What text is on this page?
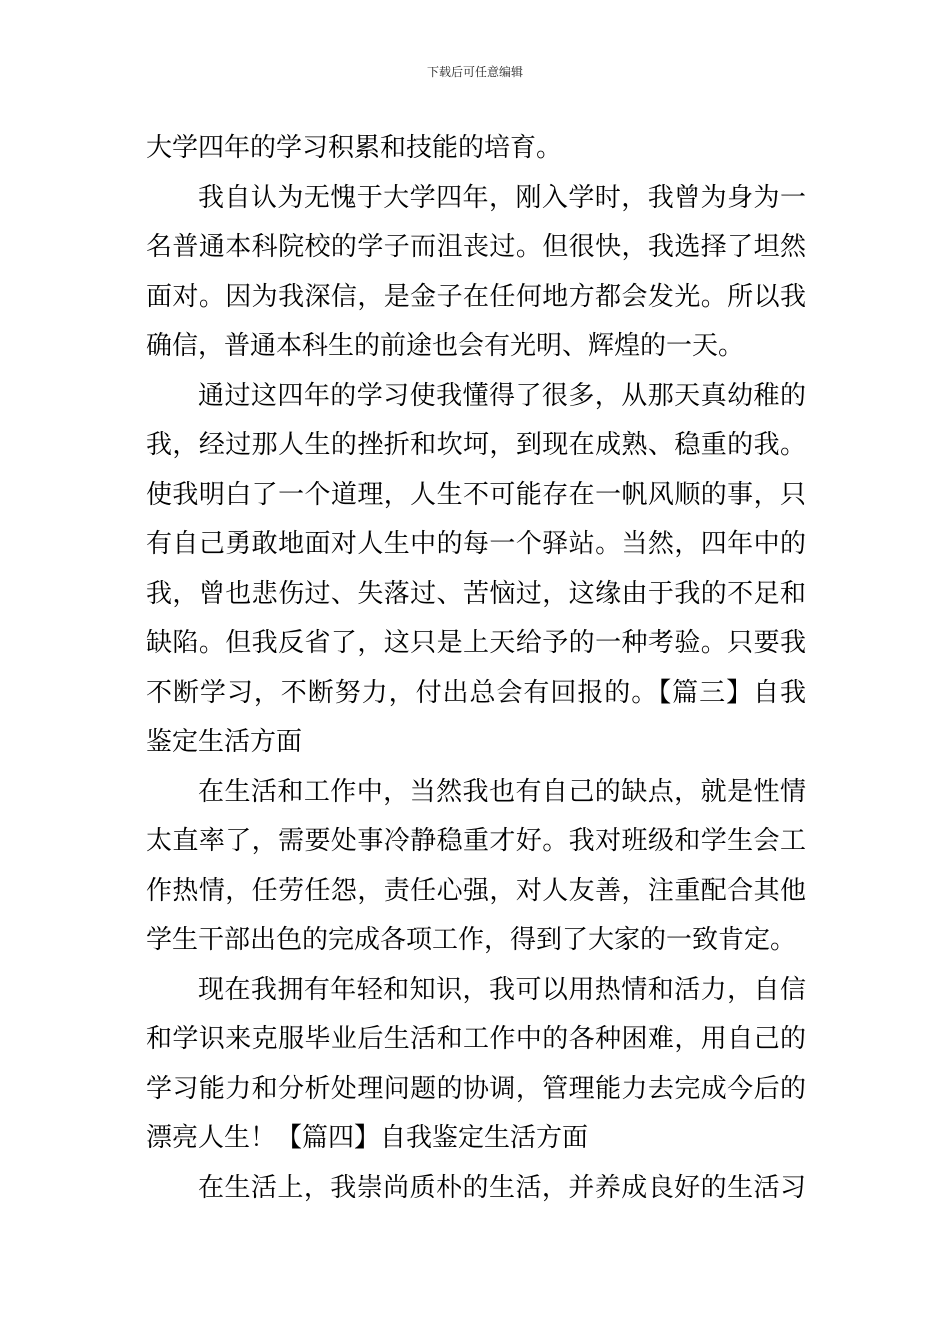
下载后可任意编辑
大学四年的学习积累和技能的培育。
我自认为无愧于大学四年，刚入学时，我曾为身为一
名普通本科院校的学子而沮丧过。但很快，我选择了坦然
面对。因为我深信，是金子在任何地方都会发光。所以我
确信，普通本科生的前途也会有光明、辉煌的一天。
通过这四年的学习使我懂得了很多，从那天真幼稚的
我，经过那人生的挫折和坎坷，到现在成熟、稳重的我。
使我明白了一个道理，人生不可能存在一帆风顺的事，只
有自己勇敢地面对人生中的每一个驿站。当然，四年中的
我，曾也悲伤过、失落过、苦恼过，这缘由于我的不足和
缺陷。但我反省了，这只是上天给予的一种考验。只要我
不断学习，不断努力，付出总会有回报的。【篇三】自我
鉴定生活方面
在生活和工作中，当然我也有自己的缺点，就是性情
太直率了，需要处事冷静稳重才好。我对班级和学生会工
作热情，任劳任怨，责任心强，对人友善，注重配合其他
学生干部出色的完成各项工作，得到了大家的一致肯定。
现在我拥有年轻和知识，我可以用热情和活力，自信
和学识来克服毕业后生活和工作中的各种困难，用自己的
学习能力和分析处理问题的协调，管理能力去完成今后的
漂亮人生！【篇四】自我鉴定生活方面
在生活上，我崇尚质朴的生活，并养成良好的生活习
